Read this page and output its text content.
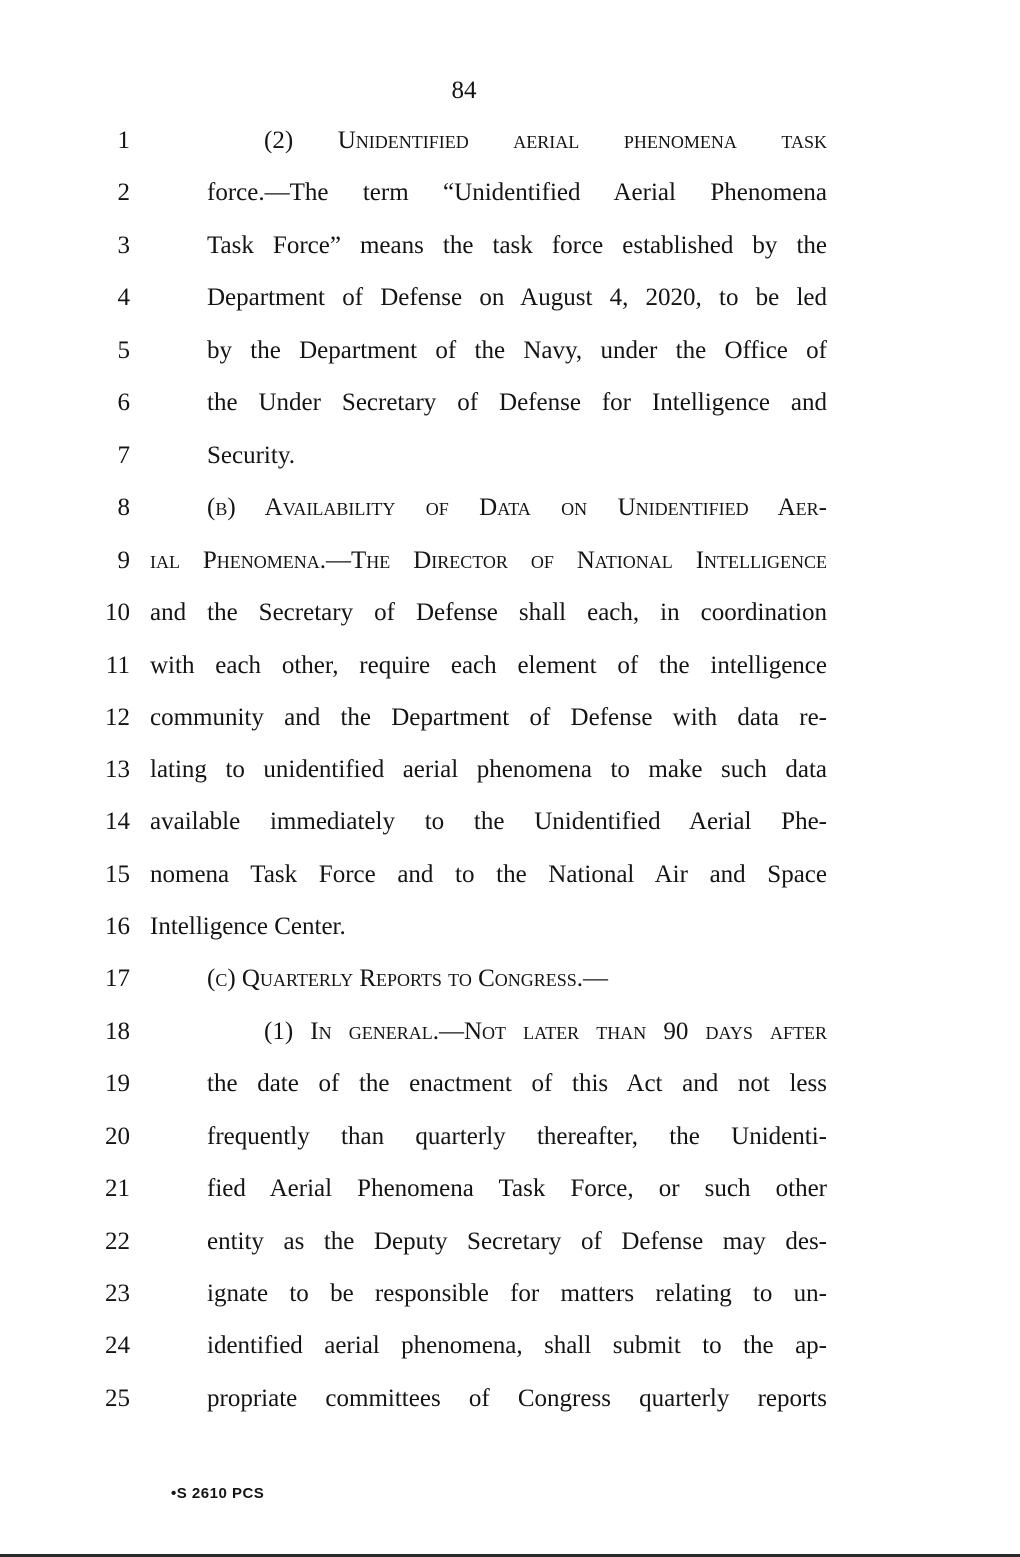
84
1	(2) Unidentified aerial phenomena task
2	force.—The term “Unidentified Aerial Phenomena
3	Task Force” means the task force established by the
4	Department of Defense on August 4, 2020, to be led
5	by the Department of the Navy, under the Office of
6	the Under Secretary of Defense for Intelligence and
7	Security.
8	(b) Availability of Data on Unidentified Aer-
9 ial Phenomena.—The Director of National Intelligence
10 and the Secretary of Defense shall each, in coordination
11 with each other, require each element of the intelligence
12 community and the Department of Defense with data re-
13 lating to unidentified aerial phenomena to make such data
14 available immediately to the Unidentified Aerial Phe-
15 nomena Task Force and to the National Air and Space
16 Intelligence Center.
17	(c) Quarterly Reports to Congress.—
18	(1) In general.—Not later than 90 days after
19	the date of the enactment of this Act and not less
20	frequently than quarterly thereafter, the Unidenti-
21	fied Aerial Phenomena Task Force, or such other
22	entity as the Deputy Secretary of Defense may des-
23	ignate to be responsible for matters relating to un-
24	identified aerial phenomena, shall submit to the ap-
25	propriate committees of Congress quarterly reports
•S 2610 PCS
